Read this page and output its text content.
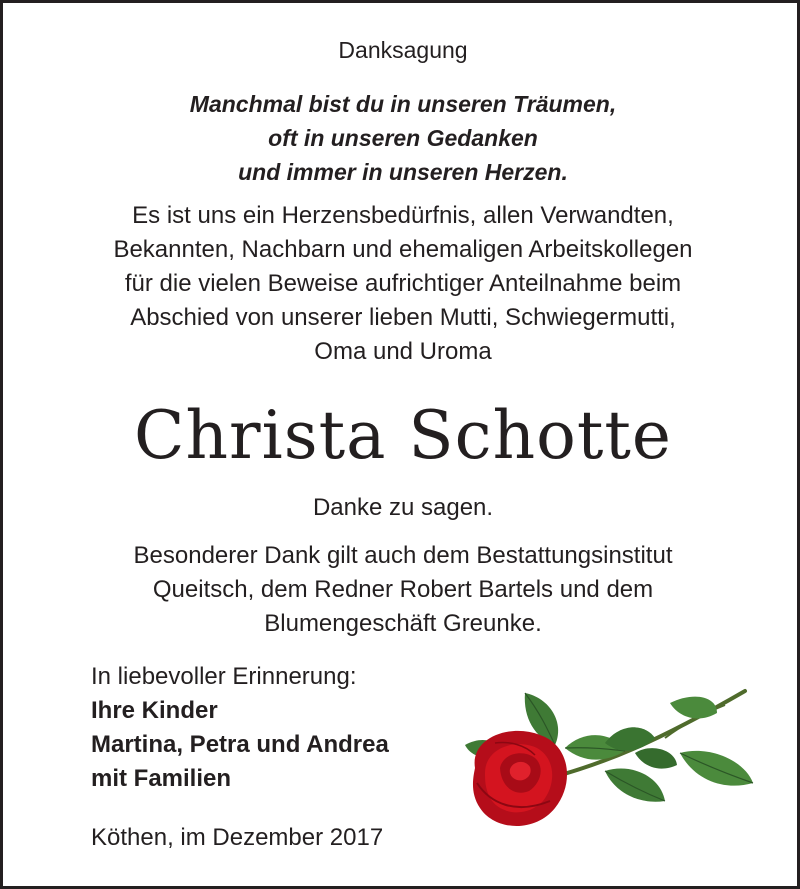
Danksagung
Manchmal bist du in unseren Träumen,
oft in unseren Gedanken
und immer in unseren Herzen.
Es ist uns ein Herzensbedürfnis, allen Verwandten,
Bekannten, Nachbarn und ehemaligen Arbeitskollegen
für die vielen Beweise aufrichtiger Anteilnahme beim
Abschied von unserer lieben Mutti, Schwiegermutti,
Oma und Uroma
Christa Schotte
Danke zu sagen.
Besonderer Dank gilt auch dem Bestattungsinstitut
Queitsch, dem Redner Robert Bartels und dem
Blumengeschäft Greunke.
In liebevoller Erinnerung:
Ihre Kinder
Martina, Petra und Andrea
mit Familien
Köthen, im Dezember 2017
